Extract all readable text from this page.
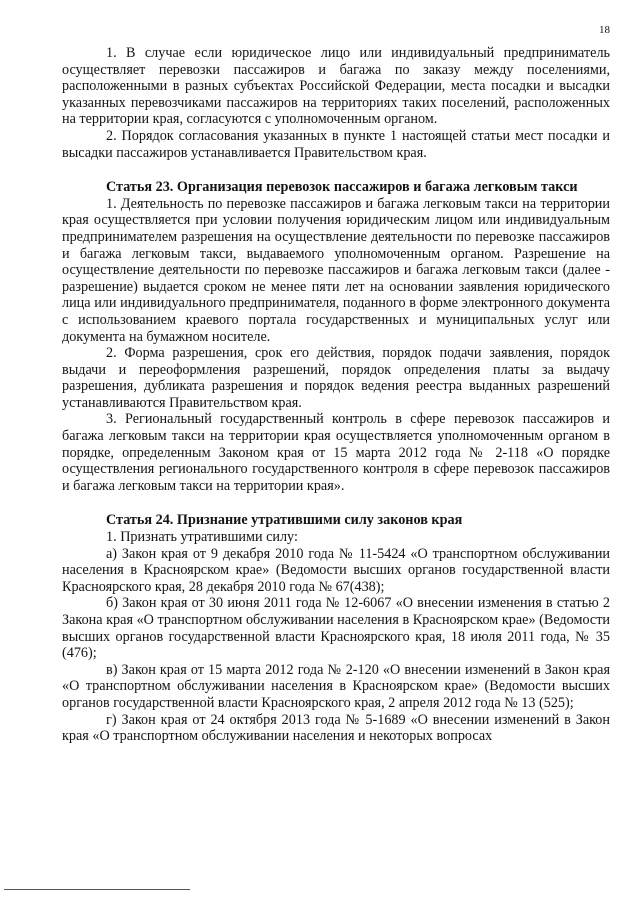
18

1. В случае если юридическое лицо или индивидуальный предприниматель осуществляет перевозки пассажиров и багажа по заказу между поселениями, расположенными в разных субъектах Российской Федерации, места посадки и высадки указанных перевозчиками пассажиров на территориях таких поселений, расположенных на территории края, согласуются с уполномоченным органом.

2. Порядок согласования указанных в пункте 1 настоящей статьи мест посадки и высадки пассажиров устанавливается Правительством края.

Статья 23. Организация перевозок пассажиров и багажа легковым такси

1. Деятельность по перевозке пассажиров и багажа легковым такси на территории края осуществляется при условии получения юридическим лицом или индивидуальным предпринимателем разрешения на осуществление деятельности по перевозке пассажиров и багажа легковым такси, выдаваемого уполномоченным органом. Разрешение на осуществление деятельности по перевозке пассажиров и багажа легковым такси (далее - разрешение) выдается сроком не менее пяти лет на основании заявления юридического лица или индивидуального предпринимателя, поданного в форме электронного документа с использованием краевого портала государственных и муниципальных услуг или документа на бумажном носителе.

2. Форма разрешения, срок его действия, порядок подачи заявления, порядок выдачи и переоформления разрешений, порядок определения платы за выдачу разрешения, дубликата разрешения и порядок ведения реестра выданных разрешений устанавливаются Правительством края.

3. Региональный государственный контроль в сфере перевозок пассажиров и багажа легковым такси на территории края осуществляется уполномоченным органом в порядке, определенным Законом края от 15 марта 2012 года № 2-118 «О порядке осуществления регионального государственного контроля в сфере перевозок пассажиров и багажа легковым такси на территории края».

Статья 24. Признание утратившими силу законов края

1. Признать утратившими силу:

а) Закон края от 9 декабря 2010 года № 11-5424 «О транспортном обслуживании населения в Красноярском крае» (Ведомости высших органов государственной власти Красноярского края, 28 декабря 2010 года № 67(438);

б) Закон края от 30 июня 2011 года № 12-6067 «О внесении изменения в статью 2 Закона края «О транспортном обслуживании населения в Красноярском крае» (Ведомости высших органов государственной власти Красноярского края, 18 июля 2011 года, № 35 (476);

в) Закон края от 15 марта 2012 года № 2-120 «О внесении изменений в Закон края «О транспортном обслуживании населения в Красноярском крае» (Ведомости высших органов государственной власти Красноярского края, 2 апреля 2012 года № 13 (525);

г) Закон края от 24 октября 2013 года № 5-1689 «О внесении изменений в Закон края «О транспортном обслуживании населения и некоторых вопросах
